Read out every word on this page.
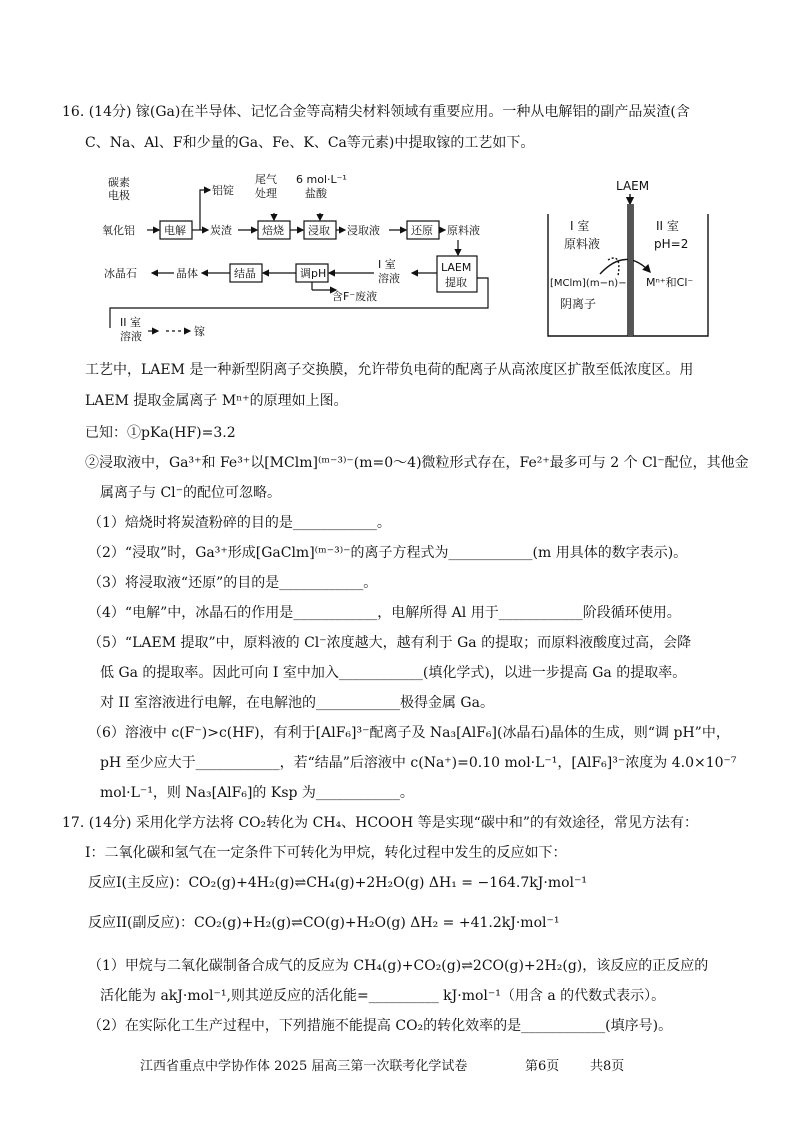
16. (14分) 镓(Ga)在半导体、记忆合金等高精尖材料领域有重要应用。一种从电解铝的副产品炭渣(含
C、Na、Al、F和少量的Ga、Fe、K、Ca等元素)中提取镓的工艺如下。
碳素
电极
氧化铝	电解
铝锭
尾气
处理
6 mol·L⁻¹
盐酸
炭渣	焙烧 浸取 浸取液	还原 原料液
LAEM
提取
I 室
溶液
调pH
结晶
晶体
冰晶石
含F⁻废液
II 室
溶液	镓
LAEM
I 室
原料液
II 室
pH=2
[MClm](m−n)−
阴离子
Mⁿ⁺和Cl⁻
工艺中，LAEM 是一种新型阴离子交换膜，允许带负电荷的配离子从高浓度区扩散至低浓度区。用
LAEM 提取金属离子 Mⁿ⁺的原理如上图。
已知：①pKa(HF)=3.2
②浸取液中，Ga³⁺和 Fe³⁺以[MClm]⁽ᵐ⁻³⁾⁻(m=0～4)微粒形式存在，Fe²⁺最多可与 2 个 Cl⁻配位，其他金
属离子与 Cl⁻的配位可忽略。
（1）焙烧时将炭渣粉碎的目的是____________。
（2）“浸取”时，Ga³⁺形成[GaClm]⁽ᵐ⁻³⁾⁻的离子方程式为____________(m 用具体的数字表示)。
（3）将浸取液“还原”的目的是____________。
（4）“电解”中，冰晶石的作用是____________，电解所得 Al 用于____________阶段循环使用。
（5）“LAEM 提取”中，原料液的 Cl⁻浓度越大，越有利于 Ga 的提取；而原料液酸度过高，会降
低 Ga 的提取率。因此可向 I 室中加入____________(填化学式)，以进一步提高 Ga 的提取率。
对 II 室溶液进行电解，在电解池的____________极得金属 Ga。
（6）溶液中 c(F⁻)>c(HF)，有利于[AlF₆]³⁻配离子及 Na₃[AlF₆](冰晶石)晶体的生成，则“调 pH”中，
pH 至少应大于____________，若“结晶”后溶液中 c(Na⁺)=0.10 mol·L⁻¹，[AlF₆]³⁻浓度为 4.0×10⁻⁷
mol·L⁻¹，则 Na₃[AlF₆]的 Ksp 为____________。
17. (14分) 采用化学方法将 CO₂转化为 CH₄、HCOOH 等是实现“碳中和”的有效途径，常见方法有：
I：二氧化碳和氢气在一定条件下可转化为甲烷，转化过程中发生的反应如下：
反应I(主反应)：CO₂(g)+4H₂(g)⇌CH₄(g)+2H₂O(g) ΔH₁ = −164.7kJ·mol⁻¹
反应II(副反应)：CO₂(g)+H₂(g)⇌CO(g)+H₂O(g) ΔH₂ = +41.2kJ·mol⁻¹
（1）甲烷与二氧化碳制备合成气的反应为 CH₄(g)+CO₂(g)⇌2CO(g)+2H₂(g)，该反应的正反应的
活化能为 akJ·mol⁻¹,则其逆反应的活化能=__________ kJ·mol⁻¹（用含 a 的代数式表示）。
（2）在实际化工生产过程中，下列措施不能提高 CO₂的转化效率的是____________(填序号)。
江西省重点中学协作体 2025 届高三第一次联考化学试卷	第6页 共8页
